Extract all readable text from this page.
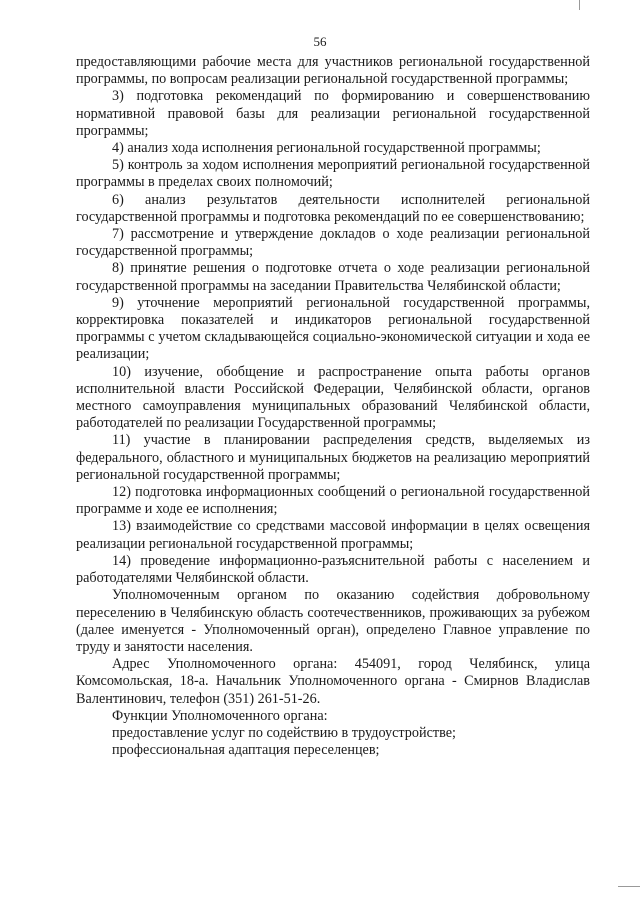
56

предоставляющими рабочие места для участников региональной государственной программы, по вопросам реализации региональной государственной программы;

3) подготовка рекомендаций по формированию и совершенствованию нормативной правовой базы для реализации региональной государственной программы;

4) анализ хода исполнения региональной государственной программы;

5) контроль за ходом исполнения мероприятий региональной государственной программы в пределах своих полномочий;

6) анализ результатов деятельности исполнителей региональной государственной программы и подготовка рекомендаций по ее совершенствованию;

7) рассмотрение и утверждение докладов о ходе реализации региональной государственной программы;

8) принятие решения о подготовке отчета о ходе реализации региональной государственной программы на заседании Правительства Челябинской области;

9) уточнение мероприятий региональной государственной программы, корректировка показателей и индикаторов региональной государственной программы с учетом складывающейся социально-экономической ситуации и хода ее реализации;

10) изучение, обобщение и распространение опыта работы органов исполнительной власти Российской Федерации, Челябинской области, органов местного самоуправления муниципальных образований Челябинской области, работодателей по реализации Государственной программы;

11) участие в планировании распределения средств, выделяемых из федерального, областного и муниципальных бюджетов на реализацию мероприятий региональной государственной программы;

12) подготовка информационных сообщений о региональной государственной программе и ходе ее исполнения;

13) взаимодействие со средствами массовой информации в целях освещения реализации региональной государственной программы;

14) проведение информационно-разъяснительной работы с населением и работодателями Челябинской области.

Уполномоченным органом по оказанию содействия добровольному переселению в Челябинскую область соотечественников, проживающих за рубежом (далее именуется - Уполномоченный орган), определено Главное управление по труду и занятости населения.

Адрес Уполномоченного органа: 454091, город Челябинск, улица Комсомольская, 18-а. Начальник Уполномоченного органа - Смирнов Владислав Валентинович, телефон (351) 261-51-26.

Функции Уполномоченного органа:

предоставление услуг по содействию в трудоустройстве;

профессиональная адаптация переселенцев;
